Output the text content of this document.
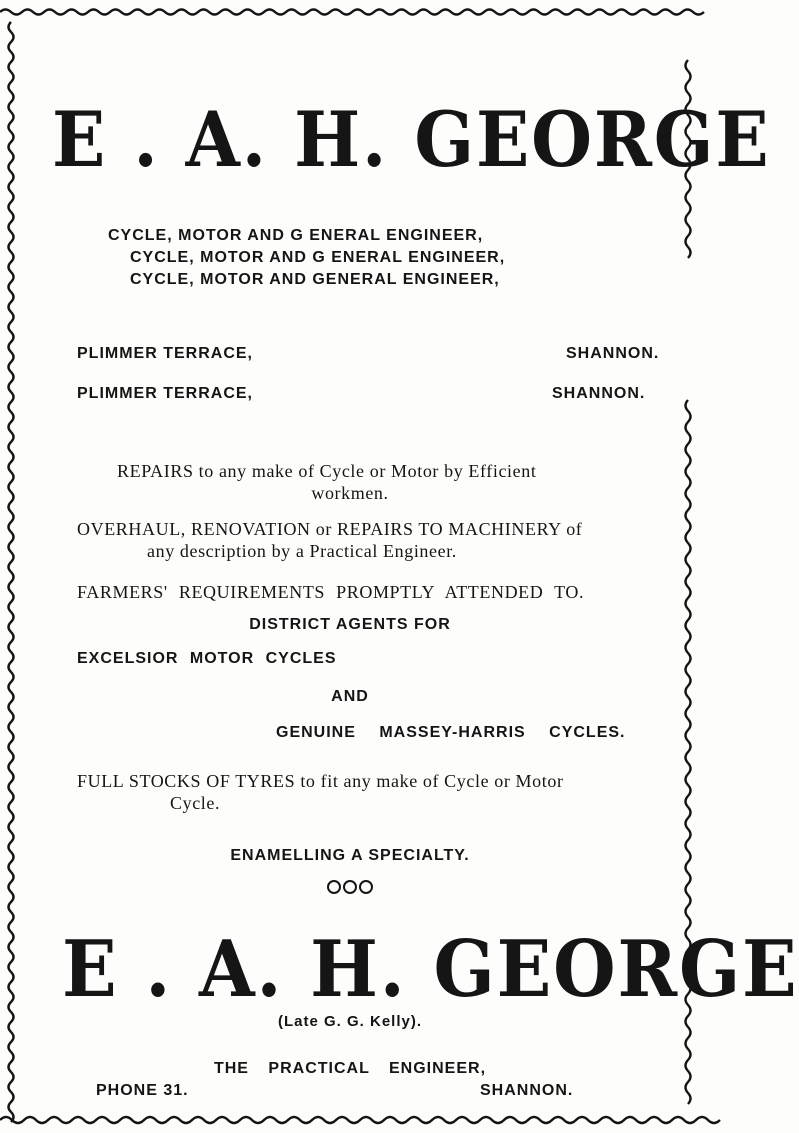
E . A. H. GEORGE
CYCLE, MOTOR AND G ENERAL ENGINEER,
CYCLE, MOTOR AND G ENERAL ENGINEER,
CYCLE, MOTOR AND GENERAL ENGINEER,
PLIMMER TERRACE,	SHANNON.
PLIMMER TERRACE,	SHANNON.
REPAIRS to any make of Cycle or Motor by Efficient
workmen.
OVERHAUL, RENOVATION or REPAIRS TO MACHINERY of
any description by a Practical Engineer.
FARMERS' REQUIREMENTS PROMPTLY ATTENDED TO.
DISTRICT AGENTS FOR
EXCELSIOR MOTOR CYCLES
AND
GENUINE MASSEY-HARRIS CYCLES.
FULL STOCKS OF TYRES to fit any make of Cycle or Motor
Cycle.
ENAMELLING A SPECIALTY.
E . A. H. GEORGE
(Late G. G. Kelly).
THE PRACTICAL ENGINEER,
PHONE 31.	SHANNON.
